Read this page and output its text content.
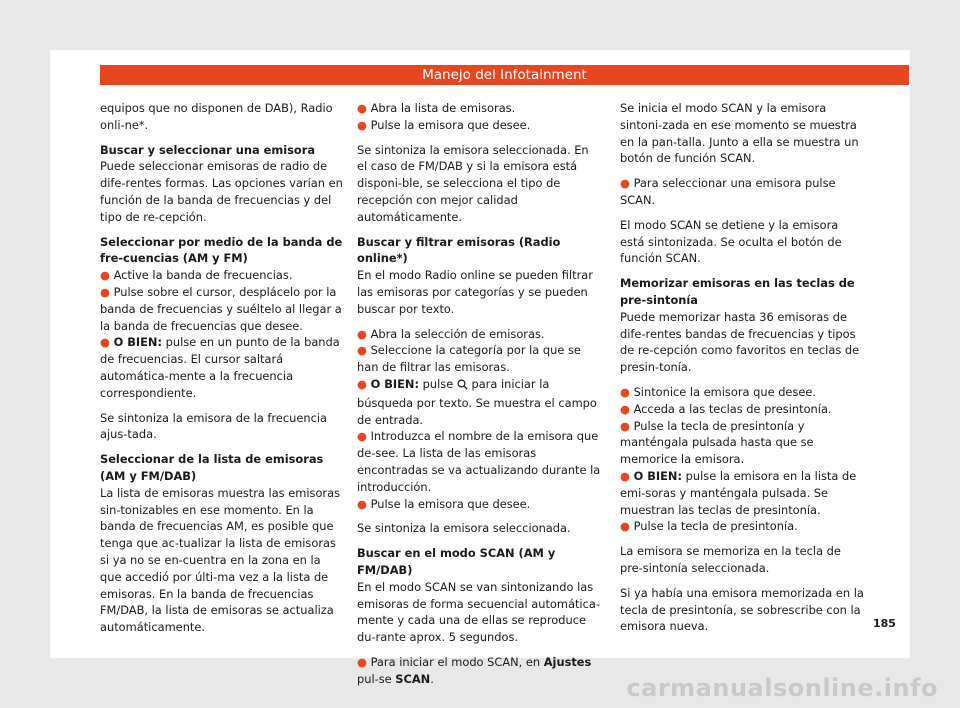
Manejo del Infotainment

equipos que no disponen de DAB), Radio onli-ne*.

Buscar y seleccionar una emisora

Puede seleccionar emisoras de radio de dife-rentes formas. Las opciones varían en función de la banda de frecuencias y del tipo de re-cepción.

Seleccionar por medio de la banda de fre-cuencias (AM y FM)

● Active la banda de frecuencias.

● Pulse sobre el cursor, desplácelo por la banda de frecuencias y suéltelo al llegar a la banda de frecuencias que desee.

● O BIEN: pulse en un punto de la banda de frecuencias. El cursor saltará automática-mente a la frecuencia correspondiente.

Se sintoniza la emisora de la frecuencia ajus-tada.

Seleccionar de la lista de emisoras (AM y FM/DAB)

La lista de emisoras muestra las emisoras sin-tonizables en ese momento. En la banda de frecuencias AM, es posible que tenga que ac-tualizar la lista de emisoras si ya no se en-cuentra en la zona en la que accedió por últi-ma vez a la lista de emisoras. En la banda de frecuencias FM/DAB, la lista de emisoras se actualiza automáticamente.

● Abra la lista de emisoras.

● Pulse la emisora que desee.

Se sintoniza la emisora seleccionada. En el caso de FM/DAB y si la emisora está disponi-ble, se selecciona el tipo de recepción con mejor calidad automáticamente.

Buscar y filtrar emisoras (Radio online*)

En el modo Radio online se pueden filtrar las emisoras por categorías y se pueden buscar por texto.

● Abra la selección de emisoras.

● Seleccione la categoría por la que se han de filtrar las emisoras.

● O BIEN: pulse  para iniciar la búsqueda por texto. Se muestra el campo de entrada.

● Introduzca el nombre de la emisora que de-see. La lista de las emisoras encontradas se va actualizando durante la introducción.

● Pulse la emisora que desee.

Se sintoniza la emisora seleccionada.

Buscar en el modo SCAN (AM y FM/DAB)

En el modo SCAN se van sintonizando las emisoras de forma secuencial automática-mente y cada una de ellas se reproduce du-rante aprox. 5 segundos.

● Para iniciar el modo SCAN, en Ajustes pul-se SCAN.

Se inicia el modo SCAN y la emisora sintoni-zada en ese momento se muestra en la pan-talla. Junto a ella se muestra un botón de función SCAN.

● Para seleccionar una emisora pulse SCAN.

El modo SCAN se detiene y la emisora está sintonizada. Se oculta el botón de función SCAN.

Memorizar emisoras en las teclas de pre-sintonía

Puede memorizar hasta 36 emisoras de dife-rentes bandas de frecuencias y tipos de re-cepción como favoritos en teclas de presin-tonía.

● Sintonice la emisora que desee.

● Acceda a las teclas de presintonía.

● Pulse la tecla de presintonía y manténgala pulsada hasta que se memorice la emisora.

● O BIEN: pulse la emisora en la lista de emi-soras y manténgala pulsada. Se muestran las teclas de presintonía.

● Pulse la tecla de presintonía.

La emisora se memoriza en la tecla de pre-sintonía seleccionada.

Si ya había una emisora memorizada en la tecla de presintonía, se sobrescribe con la emisora nueva.	185
carmanualsonline.info
